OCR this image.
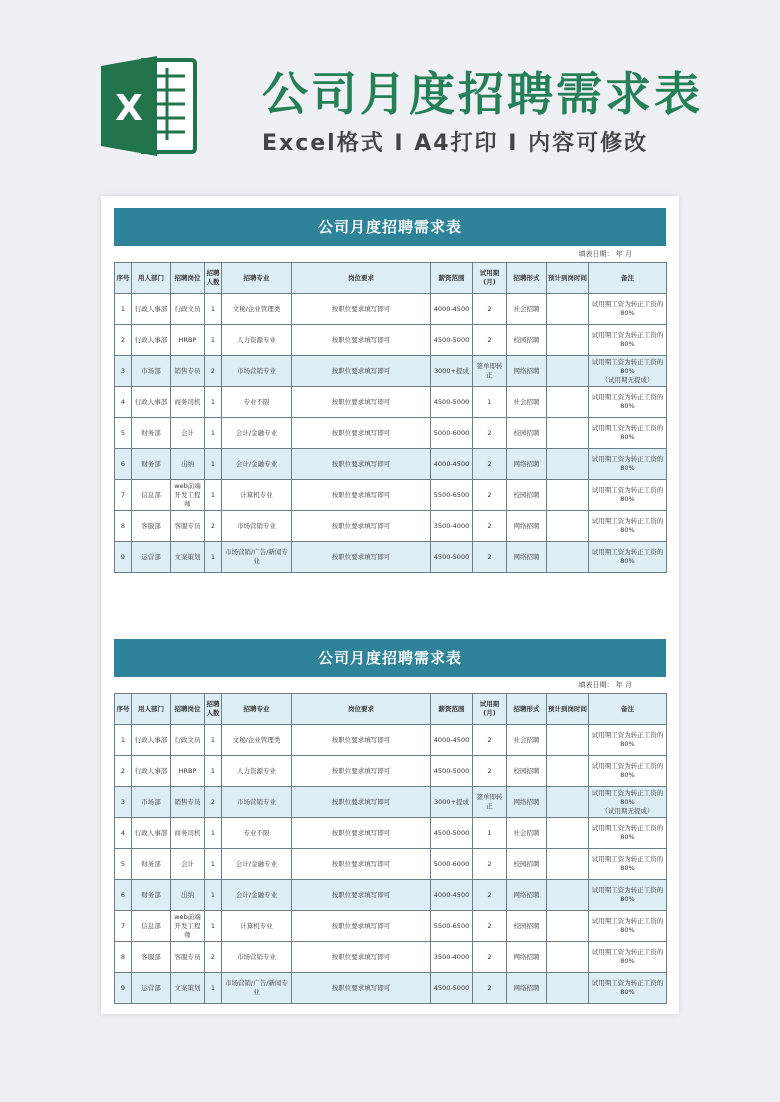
X	公司月度招聘需求表
Excel格式 I A4打印 I 内容可修改
公司月度招聘需求表
填表日期： 年 月
序号	用人部门	招聘岗位	招聘人数	招聘专业	岗位要求	薪资范围	试用期(月)	招聘形式	预计到岗时间	备注
1	行政人事部	行政文员	1	文秘/企业管理类	按职位要求填写即可	4000-4500	2	社会招聘		试用期工资为转正工资的80%
2	行政人事部	HRBP	1	人力资源专业	按职位要求填写即可	4500-5000	2	校园招聘		试用期工资为转正工资的80%
3	市场部	销售专员	2	市场营销专业	按职位要求填写即可	3000+提成	签单即转正	网络招聘		试用期工资为转正工资的80%
（试用期无提成）

4	行政人事部	商务司机	1	专业不限	按职位要求填写即可	4500-5000	1	社会招聘		试用期工资为转正工资的80%
5	财务部	会计	1	会计/金融专业	按职位要求填写即可	5000-6000	2	校园招聘		试用期工资为转正工资的80%
6	财务部	出纳	1	会计/金融专业	按职位要求填写即可	4000-4500	2	网络招聘		试用期工资为转正工资的80%
7	信息部	web前端开发工程师	1	计算机专业	按职位要求填写即可	5500-6500	2	校园招聘		试用期工资为转正工资的80%
8	客服部	客服专员	2	市场营销专业	按职位要求填写即可	3500-4000	2	网络招聘		试用期工资为转正工资的80%
9	运营部	文案策划	1	市场营销/广告/新闻专业	按职位要求填写即可	4500-5000	2	网络招聘		试用期工资为转正工资的80%
公司月度招聘需求表
填表日期： 年 月
序号	用人部门	招聘岗位	招聘人数	招聘专业	岗位要求	薪资范围	试用期(月)	招聘形式	预计到岗时间	备注
1	行政人事部	行政文员	1	文秘/企业管理类	按职位要求填写即可	4000-4500	2	社会招聘		试用期工资为转正工资的80%
2	行政人事部	HRBP	1	人力资源专业	按职位要求填写即可	4500-5000	2	校园招聘		试用期工资为转正工资的80%
3	市场部	销售专员	2	市场营销专业	按职位要求填写即可	3000+提成	签单即转正	网络招聘		试用期工资为转正工资的80%
（试用期无提成）

4	行政人事部	商务司机	1	专业不限	按职位要求填写即可	4500-5000	1	社会招聘		试用期工资为转正工资的80%
5	财务部	会计	1	会计/金融专业	按职位要求填写即可	5000-6000	2	校园招聘		试用期工资为转正工资的80%
6	财务部	出纳	1	会计/金融专业	按职位要求填写即可	4000-4500	2	网络招聘		试用期工资为转正工资的80%
7	信息部	web前端开发工程师	1	计算机专业	按职位要求填写即可	5500-6500	2	校园招聘		试用期工资为转正工资的80%
8	客服部	客服专员	2	市场营销专业	按职位要求填写即可	3500-4000	2	网络招聘		试用期工资为转正工资的80%
9	运营部	文案策划	1	市场营销/广告/新闻专业	按职位要求填写即可	4500-5000	2	网络招聘		试用期工资为转正工资的80%
